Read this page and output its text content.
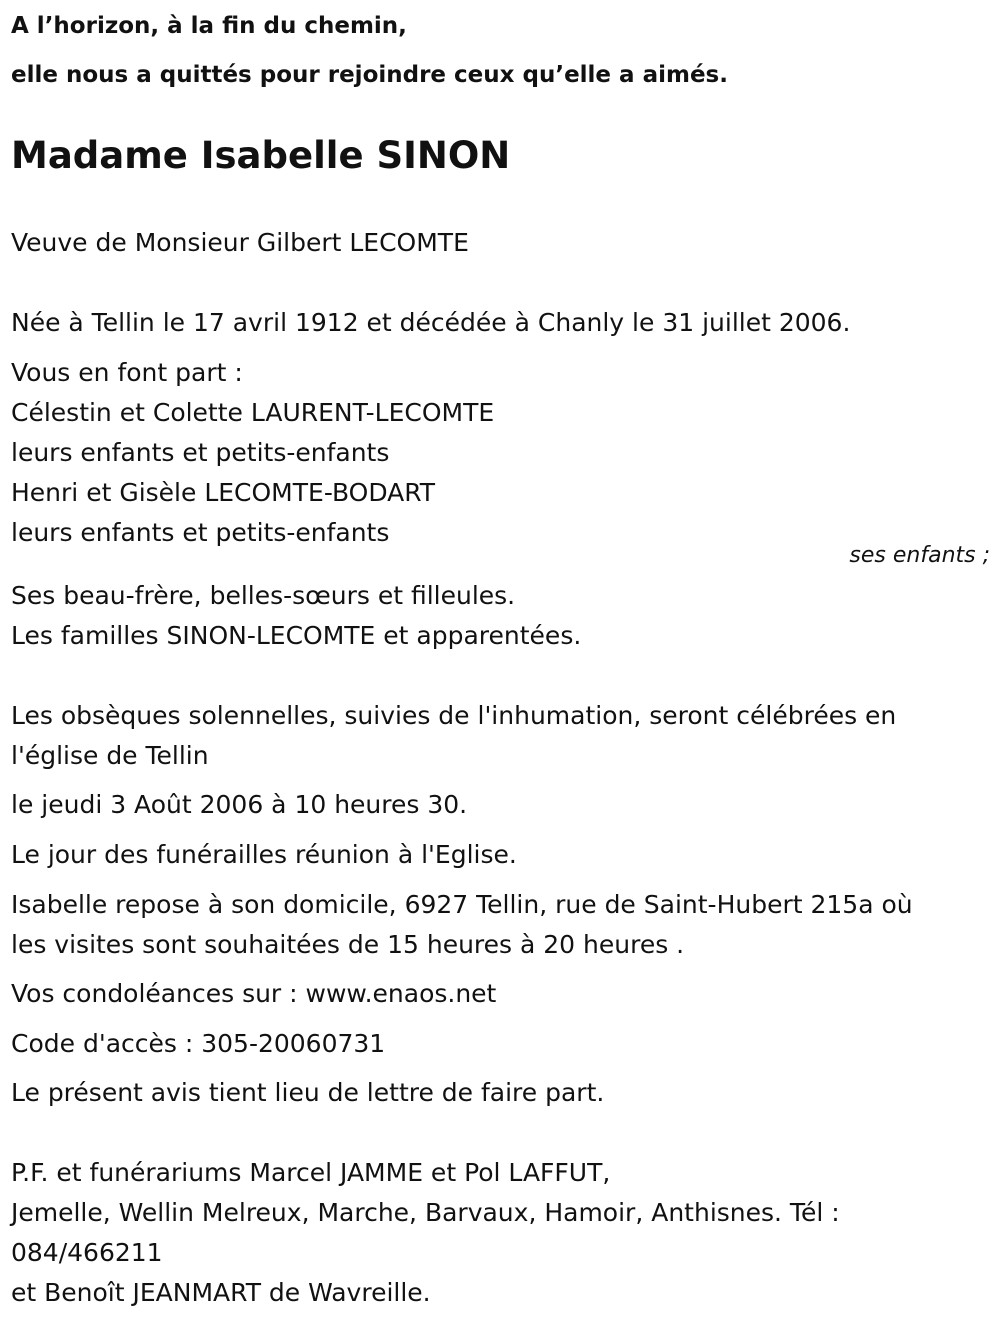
A l’horizon, à la fin du chemin,
elle nous a quittés pour rejoindre ceux qu’elle a aimés.
Madame Isabelle SINON
Veuve de Monsieur Gilbert LECOMTE
Née à Tellin le 17 avril 1912 et décédée à Chanly le 31 juillet 2006.
Vous en font part :
Célestin et Colette LAURENT-LECOMTE
leurs enfants et petits-enfants
Henri et Gisèle LECOMTE-BODART
leurs enfants et petits-enfants
ses enfants ;
Ses beau-frère, belles-sœurs et filleules.
Les familles SINON-LECOMTE et apparentées.
Les obsèques solennelles, suivies de l'inhumation, seront célébrées en
l'église de Tellin
le jeudi 3 Août 2006 à 10 heures 30.
Le jour des funérailles réunion à l'Eglise.
Isabelle repose à son domicile, 6927 Tellin, rue de Saint-Hubert 215a où
les visites sont souhaitées de 15 heures à 20 heures .
Vos condoléances sur : www.enaos.net
Code d'accès : 305-20060731
Le présent avis tient lieu de lettre de faire part.
P.F. et funérariums Marcel JAMME et Pol LAFFUT,
Jemelle, Wellin Melreux, Marche, Barvaux, Hamoir, Anthisnes. Tél :
084/466211
et Benoît JEANMART de Wavreille.
